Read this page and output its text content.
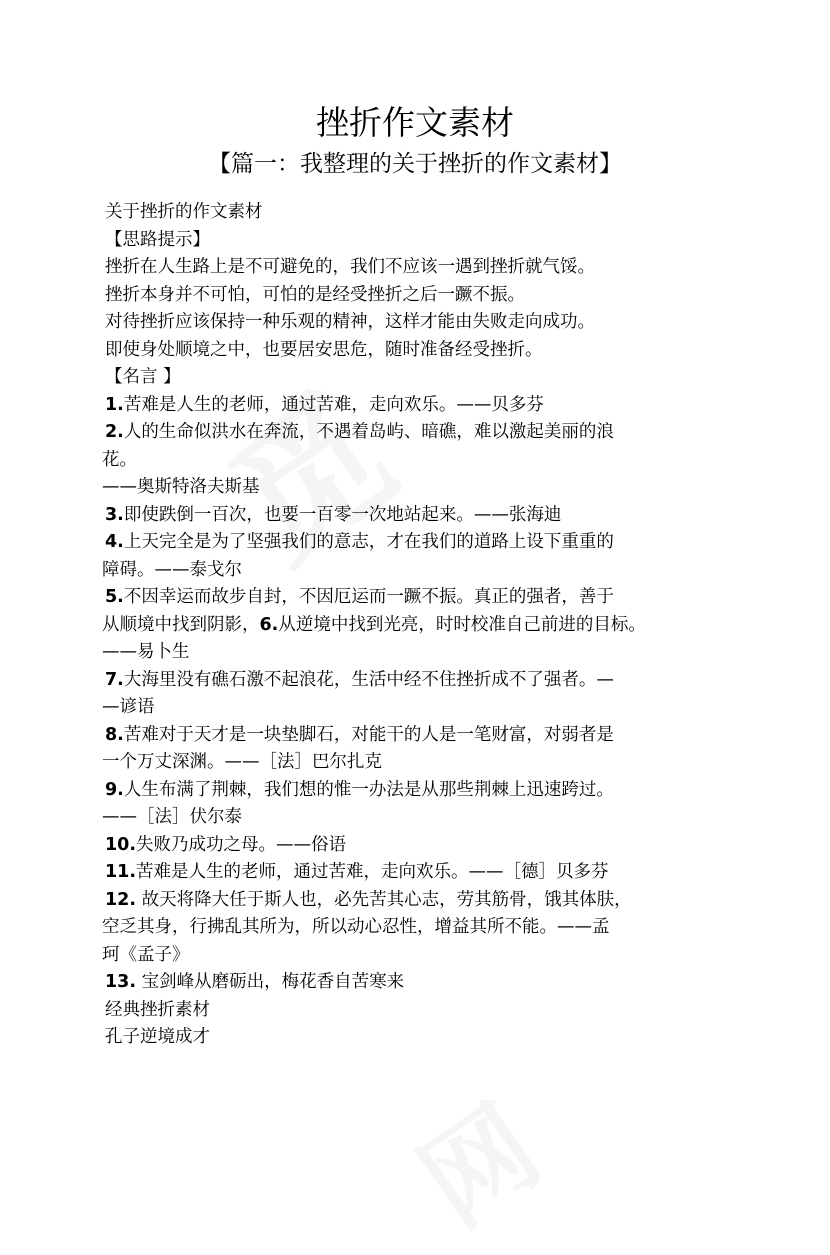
挫折作文素材
【篇一：我整理的关于挫折的作文素材】

关于挫折的作文素材

【思路提示】

挫折在人生路上是不可避免的，我们不应该一遇到挫折就气馁。

挫折本身并不可怕，可怕的是经受挫折之后一蹶不振。

对待挫折应该保持一种乐观的精神，这样才能由失败走向成功。

即使身处顺境之中，也要居安思危，随时准备经受挫折。

【名言 】

1.苦难是人生的老师，通过苦难，走向欢乐。——贝多芬

2.人的生命似洪水在奔流，不遇着岛屿、暗礁，难以激起美丽的浪

花。

——奥斯特洛夫斯基

3.即使跌倒一百次，也要一百零一次地站起来。——张海迪

4.上天完全是为了坚强我们的意志，才在我们的道路上设下重重的

障碍。——泰戈尔

5.不因幸运而故步自封，不因厄运而一蹶不振。真正的强者，善于

从顺境中找到阴影，6.从逆境中找到光亮，时时校准自己前进的目标。

——易卜生

7.大海里没有礁石激不起浪花，生活中经不住挫折成不了强者。—

—谚语

8.苦难对于天才是一块垫脚石，对能干的人是一笔财富，对弱者是

一个万丈深渊。——［法］巴尔扎克

9.人生布满了荆棘，我们想的惟一办法是从那些荆棘上迅速跨过。

——［法］伏尔泰

10.失败乃成功之母。——俗语

11.苦难是人生的老师，通过苦难，走向欢乐。——［德］贝多芬

12. 故天将降大任于斯人也，必先苦其心志，劳其筋骨，饿其体肤，

空乏其身，行拂乱其所为，所以动心忍性，增益其所不能。——孟

珂《孟子》

13. 宝剑峰从磨砺出，梅花香自苦寒来

经典挫折素材

孔子逆境成才
